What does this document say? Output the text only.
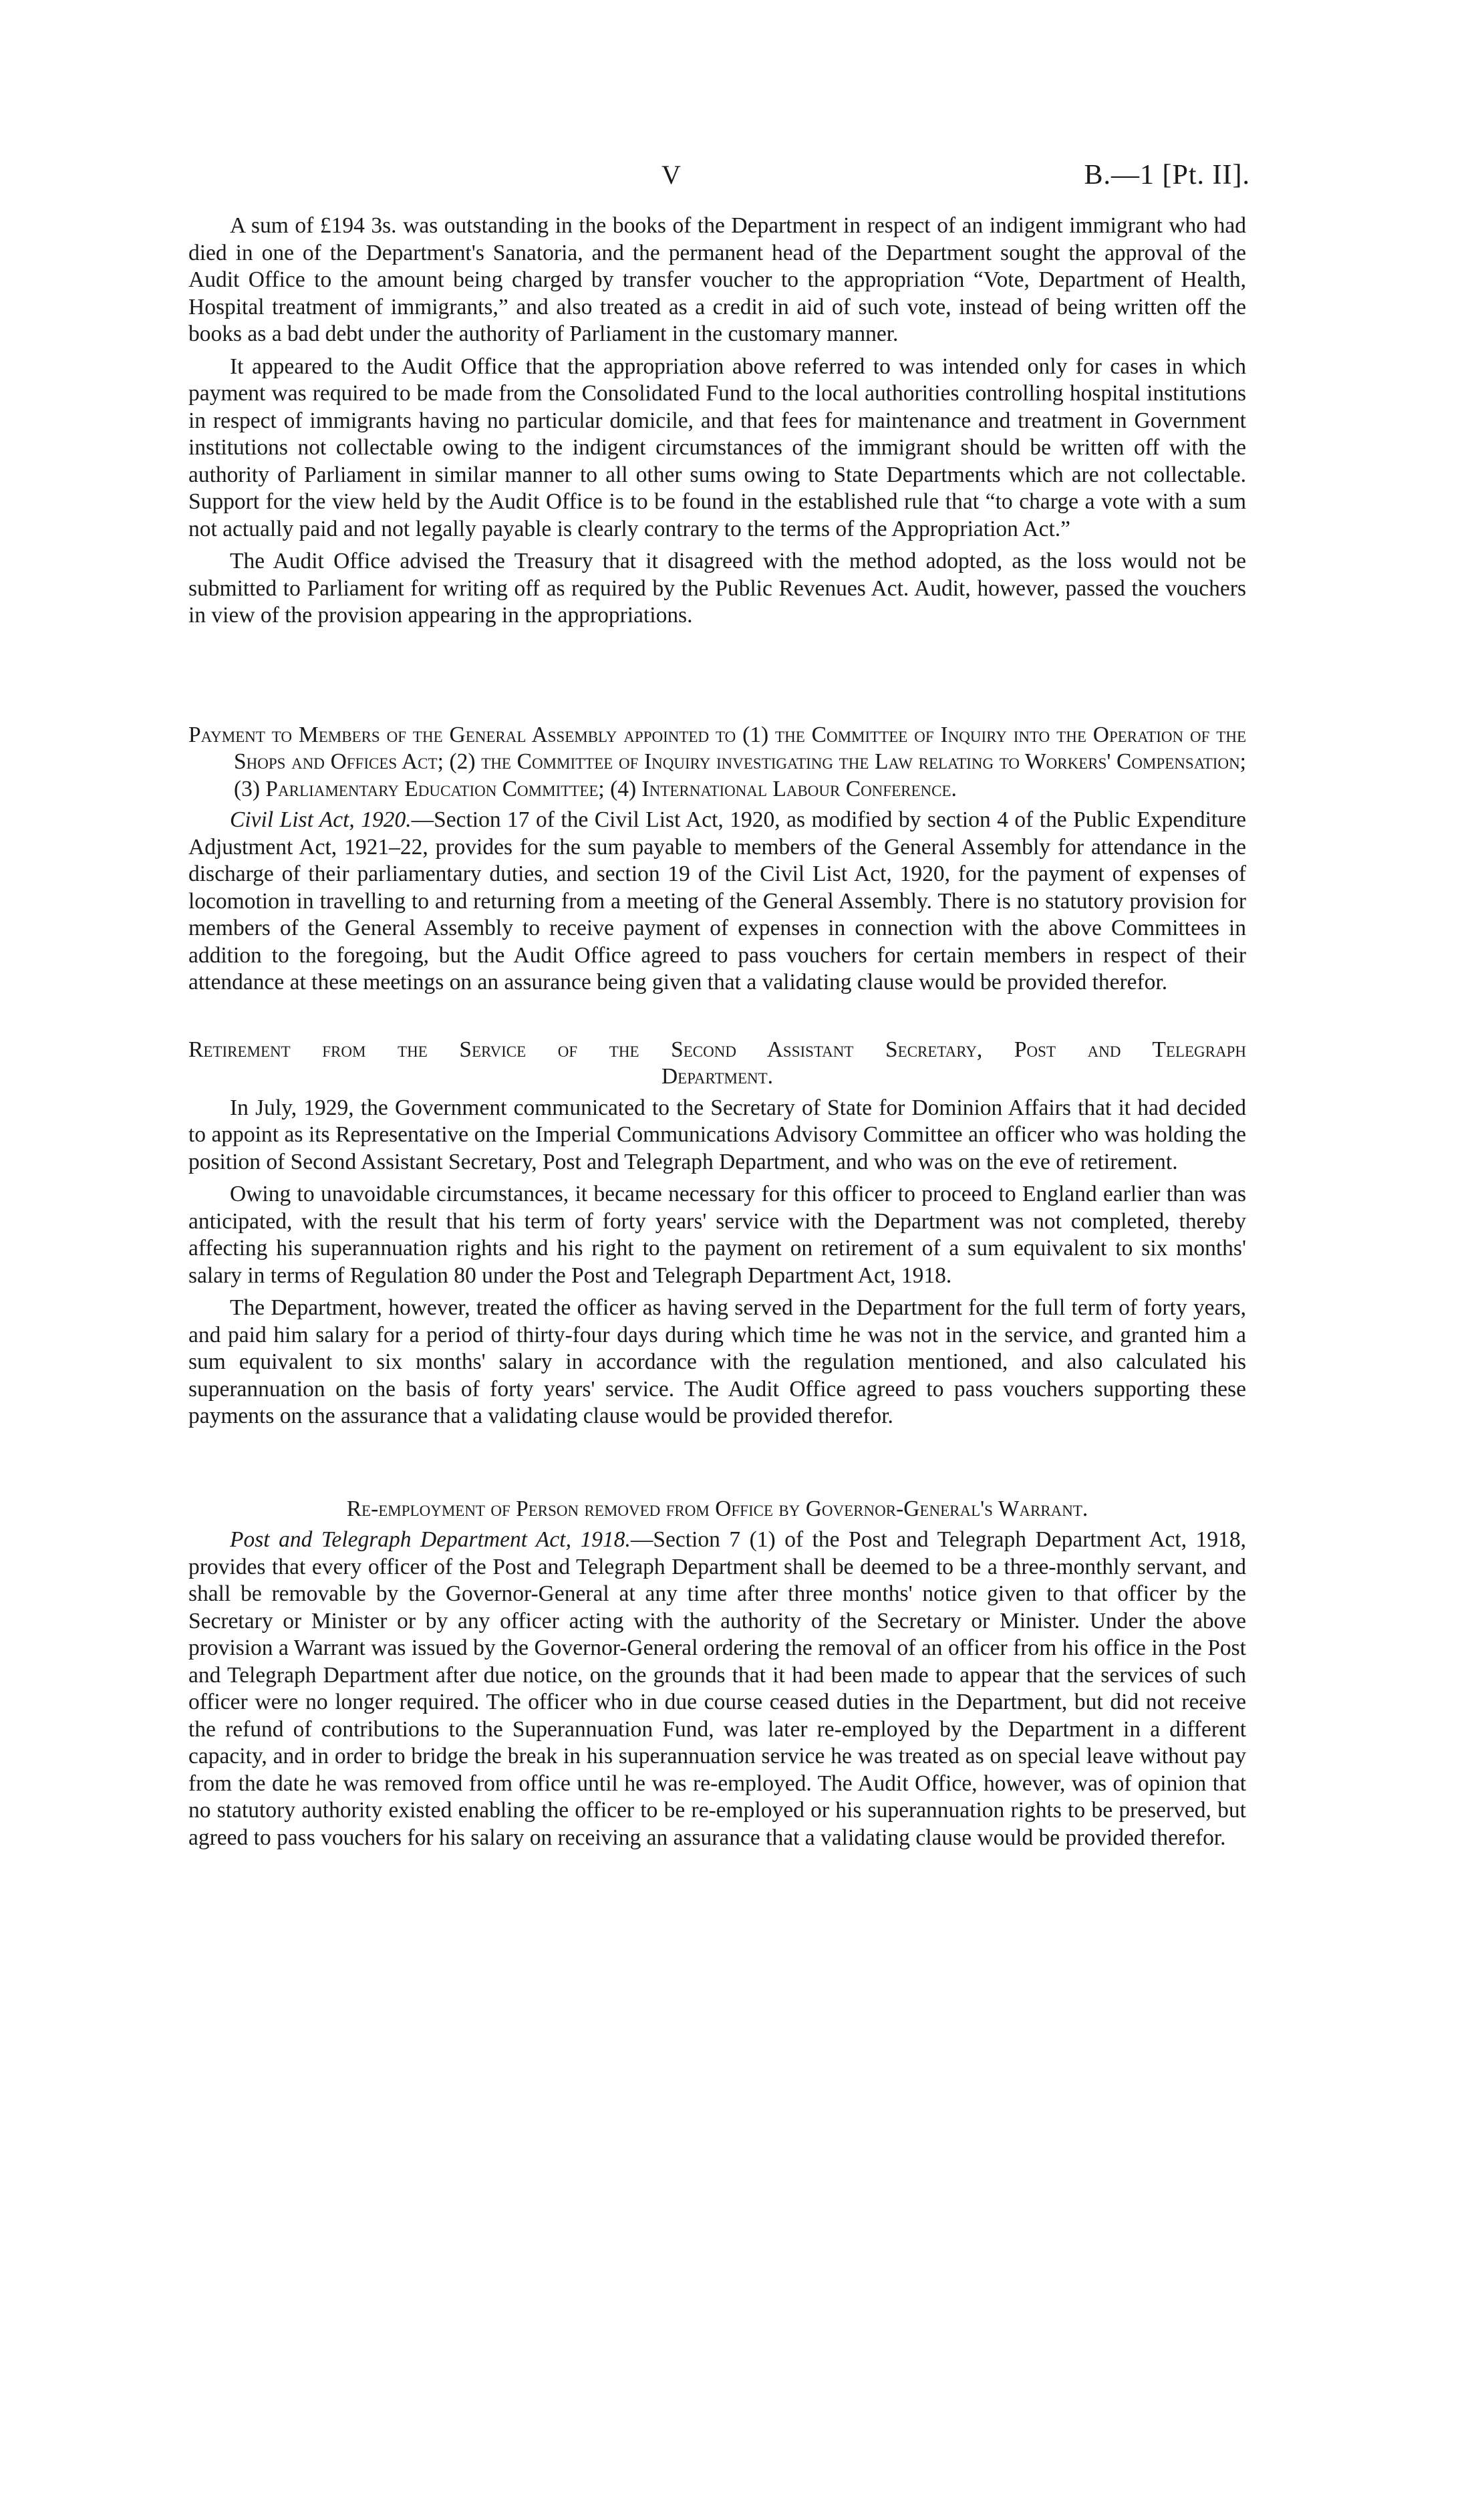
V	B.—1 [Pt. II].

A sum of £194 3s. was outstanding in the books of the Department in respect of an indigent immigrant who had died in one of the Department's Sanatoria, and the permanent head of the Department sought the approval of the Audit Office to the amount being charged by transfer voucher to the appropriation “Vote, Department of Health, Hospital treatment of immigrants,” and also treated as a credit in aid of such vote, instead of being written off the books as a bad debt under the authority of Parliament in the customary manner.

It appeared to the Audit Office that the appropriation above referred to was intended only for cases in which payment was required to be made from the Consolidated Fund to the local authorities controlling hospital institutions in respect of immigrants having no particular domicile, and that fees for maintenance and treatment in Government institutions not collectable owing to the indigent circumstances of the immigrant should be written off with the authority of Parliament in similar manner to all other sums owing to State Departments which are not collectable. Support for the view held by the Audit Office is to be found in the established rule that “to charge a vote with a sum not actually paid and not legally payable is clearly contrary to the terms of the Appropriation Act.”

The Audit Office advised the Treasury that it disagreed with the method adopted, as the loss would not be submitted to Parliament for writing off as required by the Public Revenues Act. Audit, however, passed the vouchers in view of the provision appearing in the appropriations.

Payment to Members of the General Assembly appointed to (1) the Committee of Inquiry into the Operation of the Shops and Offices Act; (2) the Committee of Inquiry investigating the Law relating to Workers' Compensation; (3) Parliamentary Education Committee; (4) International Labour Conference.

Civil List Act, 1920.—Section 17 of the Civil List Act, 1920, as modified by section 4 of the Public Expenditure Adjustment Act, 1921–22, provides for the sum payable to members of the General Assembly for attendance in the discharge of their parliamentary duties, and section 19 of the Civil List Act, 1920, for the payment of expenses of locomotion in travelling to and returning from a meeting of the General Assembly. There is no statutory provision for members of the General Assembly to receive payment of expenses in connection with the above Committees in addition to the foregoing, but the Audit Office agreed to pass vouchers for certain members in respect of their attendance at these meetings on an assurance being given that a validating clause would be provided therefor.

Retirement from the Service of the Second Assistant Secretary, Post and Telegraph
Department.

In July, 1929, the Government communicated to the Secretary of State for Dominion Affairs that it had decided to appoint as its Representative on the Imperial Communications Advisory Committee an officer who was holding the position of Second Assistant Secretary, Post and Telegraph Department, and who was on the eve of retirement.

Owing to unavoidable circumstances, it became necessary for this officer to proceed to England earlier than was anticipated, with the result that his term of forty years' service with the Department was not completed, thereby affecting his superannuation rights and his right to the payment on retirement of a sum equivalent to six months' salary in terms of Regulation 80 under the Post and Telegraph Department Act, 1918.

The Department, however, treated the officer as having served in the Department for the full term of forty years, and paid him salary for a period of thirty-four days during which time he was not in the service, and granted him a sum equivalent to six months' salary in accordance with the regulation mentioned, and also calculated his superannuation on the basis of forty years' service. The Audit Office agreed to pass vouchers supporting these payments on the assurance that a validating clause would be provided therefor.

Re-employment of Person removed from Office by Governor-General's Warrant.

Post and Telegraph Department Act, 1918.—Section 7 (1) of the Post and Telegraph Department Act, 1918, provides that every officer of the Post and Telegraph Department shall be deemed to be a three-monthly servant, and shall be removable by the Governor-General at any time after three months' notice given to that officer by the Secretary or Minister or by any officer acting with the authority of the Secretary or Minister. Under the above provision a Warrant was issued by the Governor-General ordering the removal of an officer from his office in the Post and Telegraph Department after due notice, on the grounds that it had been made to appear that the services of such officer were no longer required. The officer who in due course ceased duties in the Department, but did not receive the refund of contributions to the Superannuation Fund, was later re-employed by the Department in a different capacity, and in order to bridge the break in his superannuation service he was treated as on special leave without pay from the date he was removed from office until he was re-employed. The Audit Office, however, was of opinion that no statutory authority existed enabling the officer to be re-employed or his superannuation rights to be preserved, but agreed to pass vouchers for his salary on receiving an assurance that a validating clause would be provided therefor.
